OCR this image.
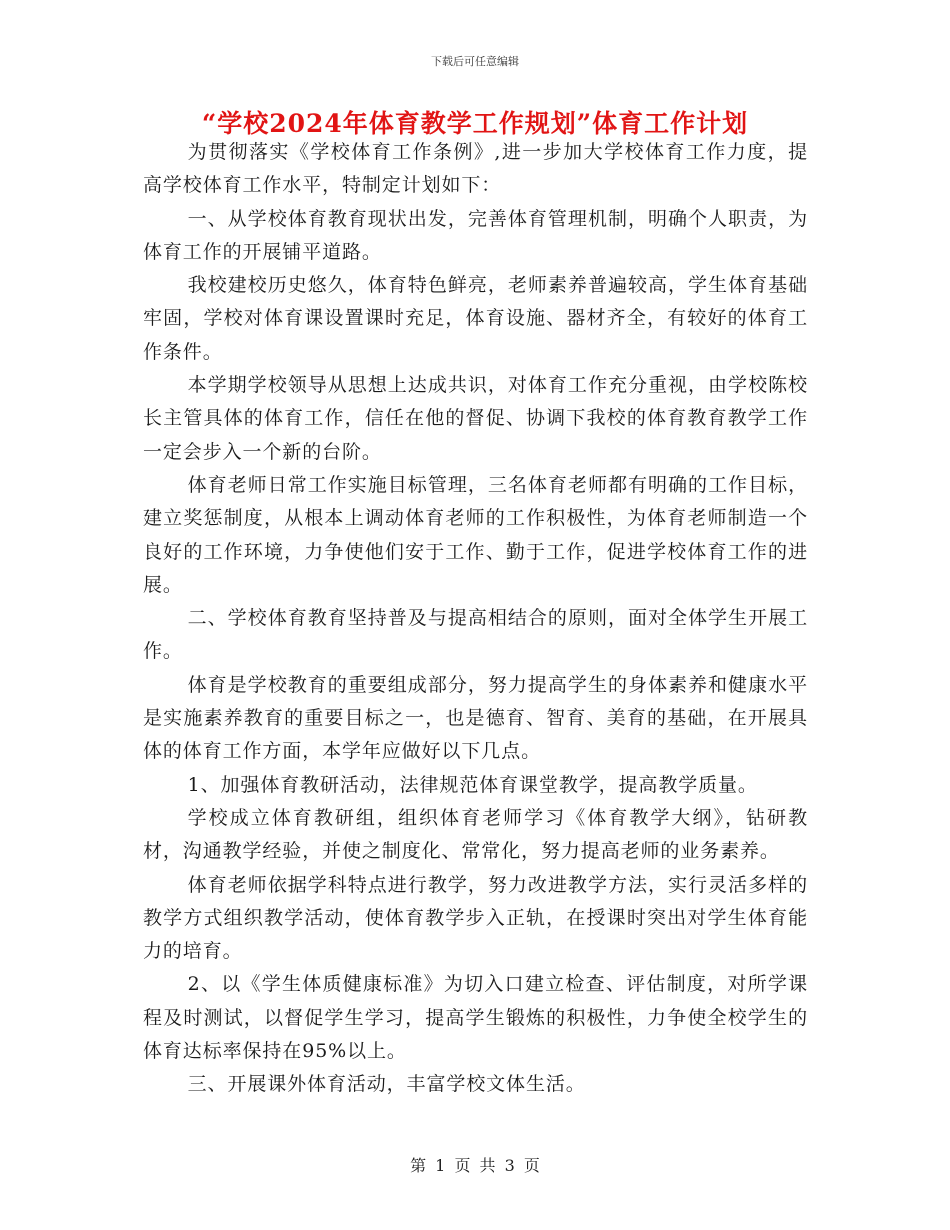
下载后可任意编辑
“学校2024年体育教学工作规划”体育工作计划

为贯彻落实《学校体育工作条例》,进一步加大学校体育工作力度，提高学校体育工作水平，特制定计划如下：

一、从学校体育教育现状出发，完善体育管理机制，明确个人职责，为体育工作的开展铺平道路。

我校建校历史悠久，体育特色鲜亮，老师素养普遍较高，学生体育基础牢固，学校对体育课设置课时充足，体育设施、器材齐全，有较好的体育工作条件。

本学期学校领导从思想上达成共识，对体育工作充分重视，由学校陈校长主管具体的体育工作，信任在他的督促、协调下我校的体育教育教学工作一定会步入一个新的台阶。

体育老师日常工作实施目标管理，三名体育老师都有明确的工作目标，建立奖惩制度，从根本上调动体育老师的工作积极性，为体育老师制造一个良好的工作环境，力争使他们安于工作、勤于工作，促进学校体育工作的进展。

二、学校体育教育坚持普及与提高相结合的原则，面对全体学生开展工作。

体育是学校教育的重要组成部分，努力提高学生的身体素养和健康水平是实施素养教育的重要目标之一，也是德育、智育、美育的基础，在开展具体的体育工作方面，本学年应做好以下几点。

1、加强体育教研活动，法律规范体育课堂教学，提高教学质量。

学校成立体育教研组，组织体育老师学习《体育教学大纲》，钻研教材，沟通教学经验，并使之制度化、常常化，努力提高老师的业务素养。

体育老师依据学科特点进行教学，努力改进教学方法，实行灵活多样的教学方式组织教学活动，使体育教学步入正轨，在授课时突出对学生体育能力的培育。

2、以《学生体质健康标准》为切入口建立检查、评估制度，对所学课程及时测试，以督促学生学习，提高学生锻炼的积极性，力争使全校学生的体育达标率保持在95%以上。

三、开展课外体育活动，丰富学校文体生活。

第 1 页 共 3 页
